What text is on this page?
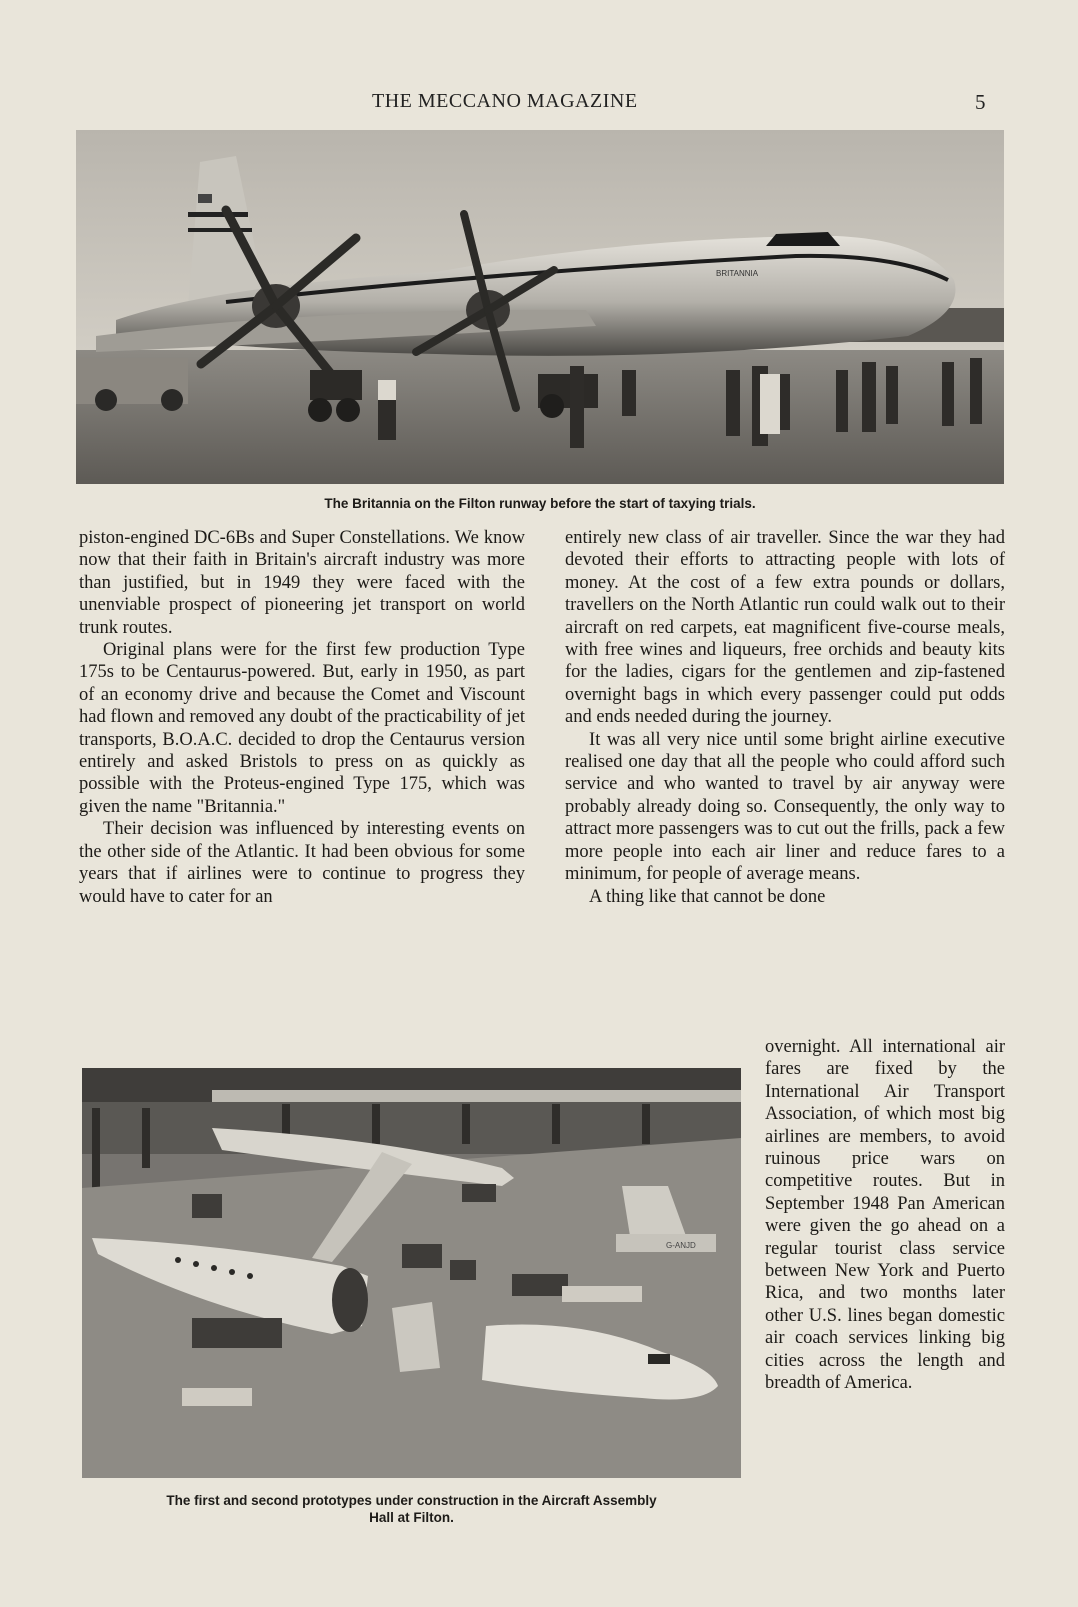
THE MECCANO MAGAZINE	5
BRITANNIA
The Britannia on the Filton runway before the start of taxying trials.

piston-engined DC-6Bs and Super Constellations. We know now that their faith in Britain's aircraft industry was more than justified, but in 1949 they were faced with the unenviable prospect of pioneering jet transport on world trunk routes.

Original plans were for the first few production Type 175s to be Centaurus-powered. But, early in 1950, as part of an economy drive and because the Comet and Viscount had flown and removed any doubt of the practicability of jet transports, B.O.A.C. decided to drop the Centaurus version entirely and asked Bristols to press on as quickly as possible with the Proteus-engined Type 175, which was given the name "Britannia."

Their decision was influenced by interesting events on the other side of the Atlantic. It had been obvious for some years that if airlines were to continue to progress they would have to cater for an

entirely new class of air traveller. Since the war they had devoted their efforts to attracting people with lots of money. At the cost of a few extra pounds or dollars, travellers on the North Atlantic run could walk out to their aircraft on red carpets, eat magnificent five-course meals, with free wines and liqueurs, free orchids and beauty kits for the ladies, cigars for the gentlemen and zip-fastened overnight bags in which every passenger could put odds and ends needed during the journey.

It was all very nice until some bright airline executive realised one day that all the people who could afford such service and who wanted to travel by air anyway were probably already doing so. Consequently, the only way to attract more passengers was to cut out the frills, pack a few more people into each air liner and reduce fares to a minimum, for people of average means.

A thing like that cannot be done

G-ANJD
The first and second prototypes under construction in the Aircraft Assembly
Hall at Filton.

overnight. All international air fares are fixed by the International Air Transport Association, of which most big airlines are members, to avoid ruinous price wars on competitive routes. But in September 1948 Pan American were given the go ahead on a regular tourist class service between New York and Puerto Rica, and two months later other U.S. lines began domestic air coach services linking big cities across the length and breadth of America.
